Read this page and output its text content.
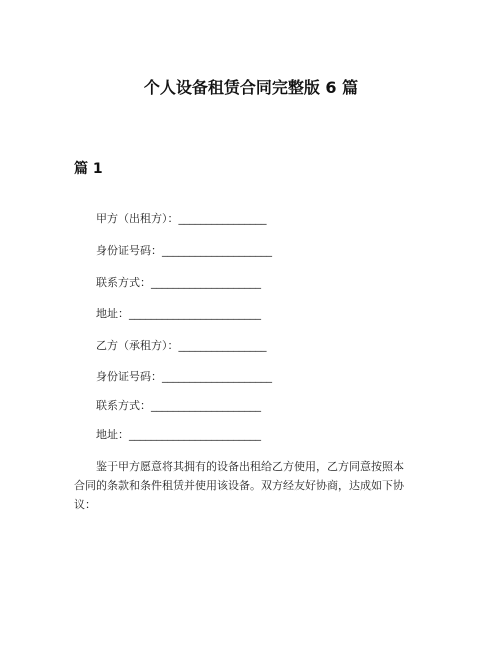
个人设备租赁合同完整版 6 篇
篇 1
甲方（出租方）：________________
身份证号码：____________________
联系方式：____________________
地址：________________________
乙方（承租方）：________________
身份证号码：____________________
联系方式：____________________
地址：________________________
鉴于甲方愿意将其拥有的设备出租给乙方使用，乙方同意按照本
合同的条款和条件租赁并使用该设备。双方经友好协商，达成如下协
议：
